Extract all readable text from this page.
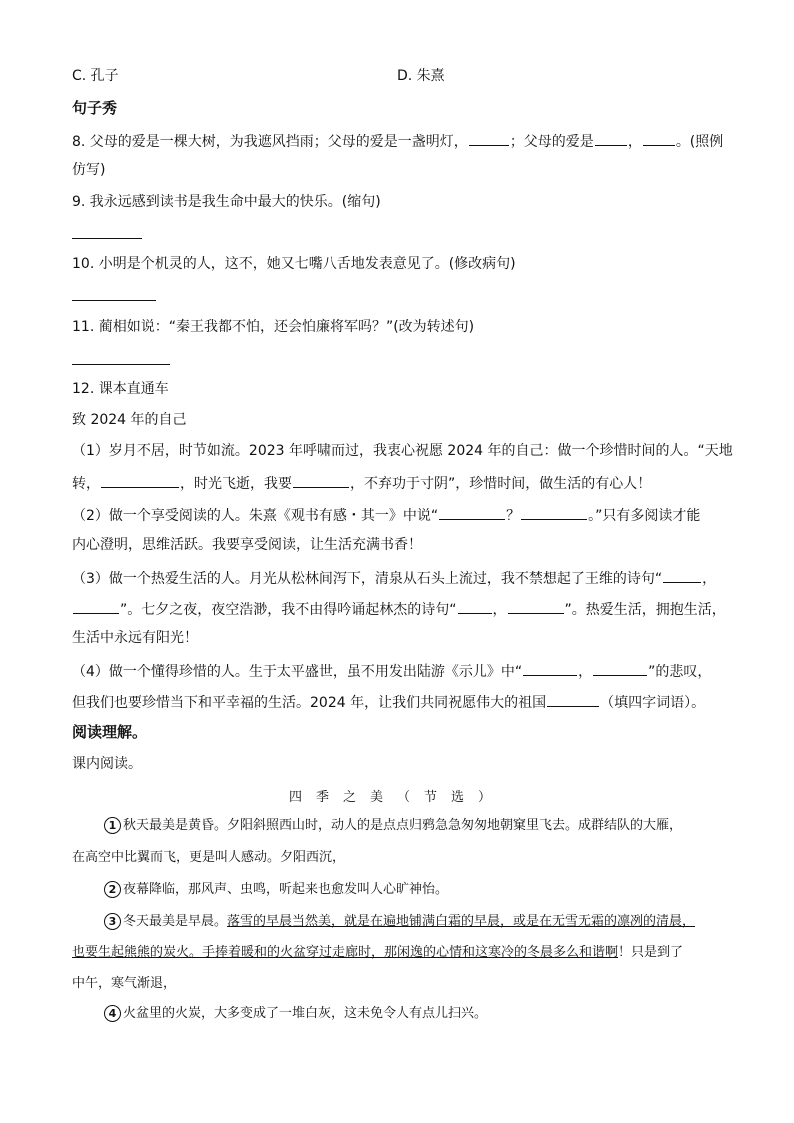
C. 孔子	D. 朱熹
句子秀
8. 父母的爱是一棵大树，为我遮风挡雨；父母的爱是一盏明灯，	；父母的爱是 ， 。(照例
仿写)
9. 我永远感到读书是我生命中最大的快乐。(缩句)
10. 小明是个机灵的人，这不，她又七嘴八舌地发表意见了。(修改病句)
11. 蔺相如说：“秦王我都不怕，还会怕廉将军吗？”(改为转述句)
12. 课本直通车
致 2024 年的自己
（1）岁月不居，时节如流。2023 年呼啸而过，我衷心祝愿 2024 年的自己：做一个珍惜时间的人。“天地
转，	，时光飞逝，我要	，不弃功于寸阴”，珍惜时间，做生活的有心人！
（2）做一个享受阅读的人。朱熹《观书有感・其一》中说“	？	。”只有多阅读才能
内心澄明，思维活跃。我要享受阅读，让生活充满书香！
（3）做一个热爱生活的人。月光从松林间泻下，清泉从石头上流过，我不禁想起了王维的诗句“	，
”。七夕之夜，夜空浩渺，我不由得吟诵起林杰的诗句“	，	”。热爱生活，拥抱生活，
生活中永远有阳光！
（4）做一个懂得珍惜的人。生于太平盛世，虽不用发出陆游《示儿》中“	，	”的悲叹，
但我们也要珍惜当下和平幸福的生活。2024 年，让我们共同祝愿伟大的祖国	（填四字词语）。
阅读理解。
课内阅读。
四季之美（节选）
1 秋天最美是黄昏。夕阳斜照西山时，动人的是点点归鸦急急匆匆地朝窠里飞去。成群结队的大雁，
在高空中比翼而飞，更是叫人感动。夕阳西沉，
2 夜幕降临，那风声、虫鸣，听起来也愈发叫人心旷神怡。
3 冬天最美是早晨。落雪的早晨当然美，就是在遍地铺满白霜的早晨，或是在无雪无霜的凛冽的清晨，
也要生起熊熊的炭火。手捧着暖和的火盆穿过走廊时，那闲逸的心情和这寒冷的冬晨多么和谐啊！只是到了
中午，寒气渐退，
4 火盆里的火炭，大多变成了一堆白灰，这未免令人有点儿扫兴。
